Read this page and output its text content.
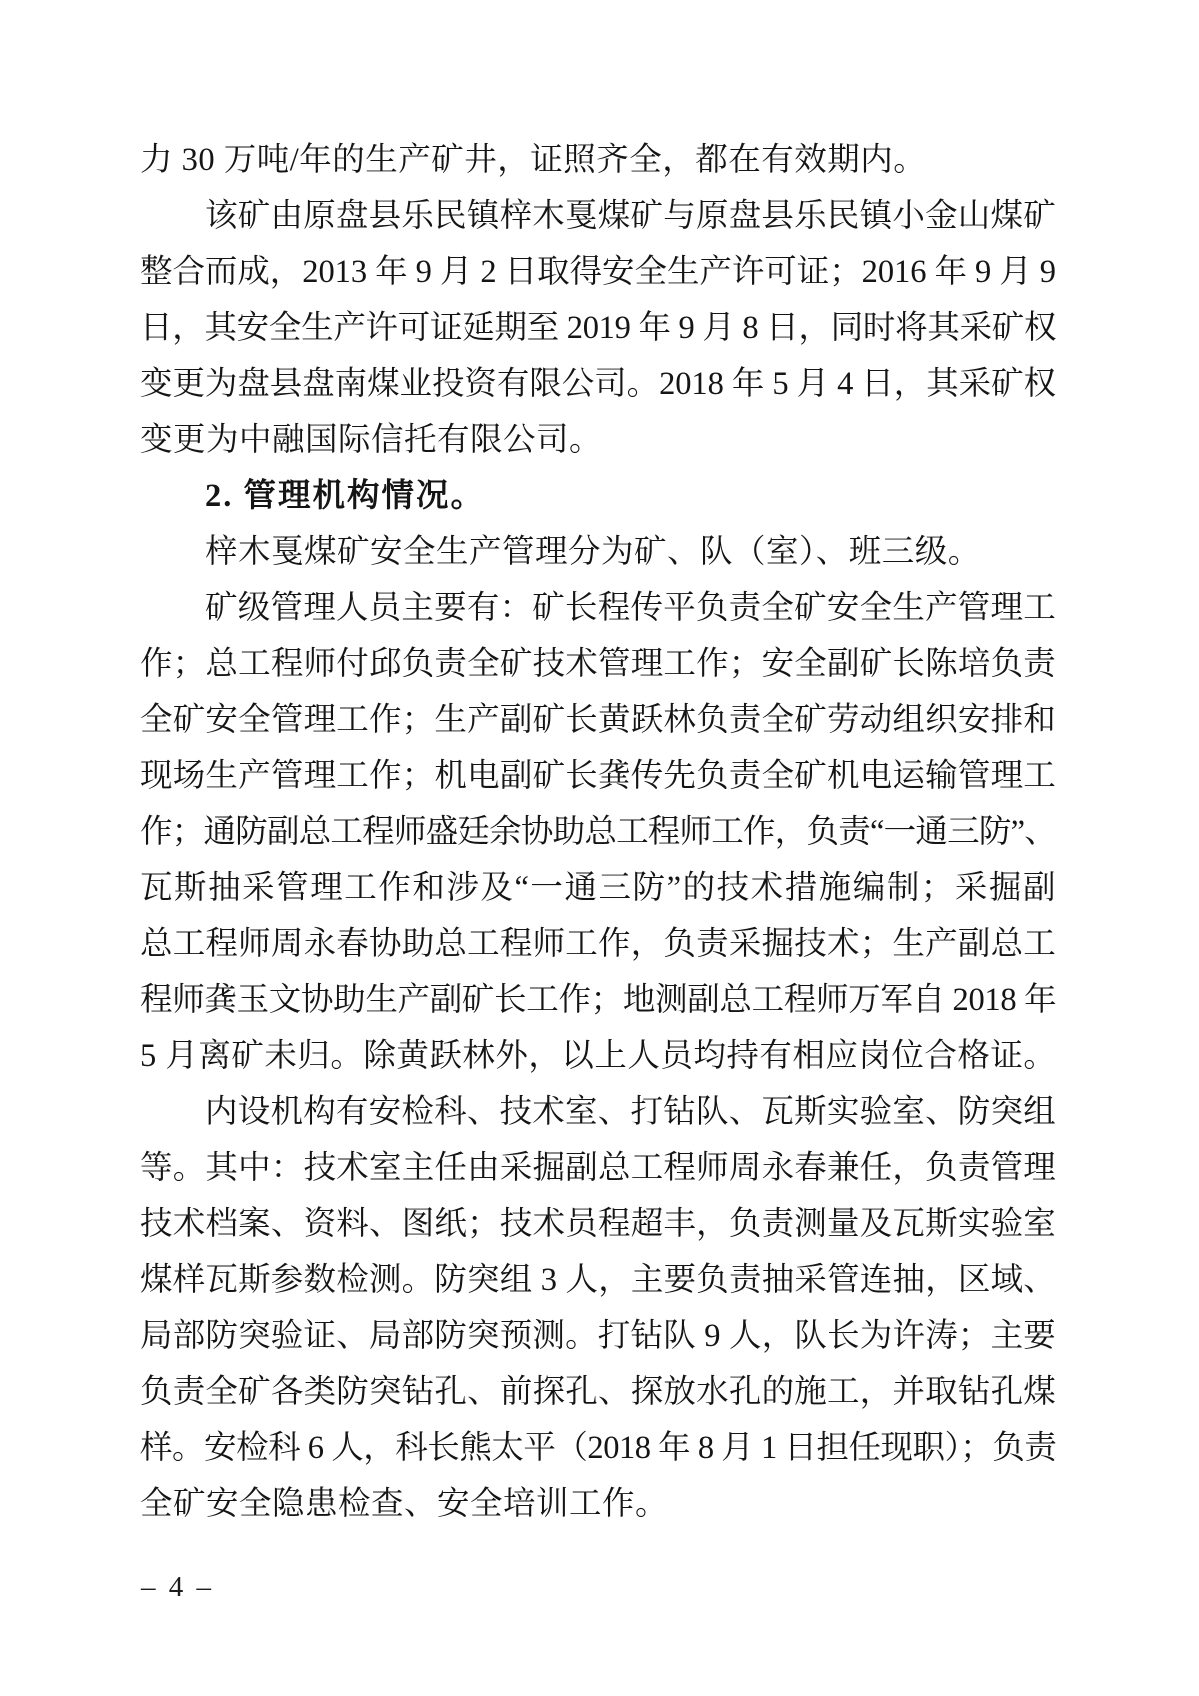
力 30 万吨/年的生产矿井，证照齐全，都在有效期内。
该矿由原盘县乐民镇梓木戛煤矿与原盘县乐民镇小金山煤矿
整合而成，2013 年 9 月 2 日取得安全生产许可证；2016 年 9 月 9
日，其安全生产许可证延期至 2019 年 9 月 8 日，同时将其采矿权
变更为盘县盘南煤业投资有限公司。2018 年 5 月 4 日，其采矿权
变更为中融国际信托有限公司。
2. 管理机构情况。
梓木戛煤矿安全生产管理分为矿、队（室）、班三级。
矿级管理人员主要有：矿长程传平负责全矿安全生产管理工
作；总工程师付邱负责全矿技术管理工作；安全副矿长陈培负责
全矿安全管理工作；生产副矿长黄跃林负责全矿劳动组织安排和
现场生产管理工作；机电副矿长龚传先负责全矿机电运输管理工
作；通防副总工程师盛廷余协助总工程师工作，负责“一通三防”、
瓦斯抽采管理工作和涉及“一通三防”的技术措施编制；采掘副
总工程师周永春协助总工程师工作，负责采掘技术；生产副总工
程师龚玉文协助生产副矿长工作；地测副总工程师万军自 2018 年
5 月离矿未归。除黄跃林外，以上人员均持有相应岗位合格证。
内设机构有安检科、技术室、打钻队、瓦斯实验室、防突组
等。其中：技术室主任由采掘副总工程师周永春兼任，负责管理
技术档案、资料、图纸；技术员程超丰，负责测量及瓦斯实验室
煤样瓦斯参数检测。防突组 3 人，主要负责抽采管连抽，区域、
局部防突验证、局部防突预测。打钻队 9 人，队长为许涛；主要
负责全矿各类防突钻孔、前探孔、探放水孔的施工，并取钻孔煤
样。安检科 6 人，科长熊太平（2018 年 8 月 1 日担任现职）；负责
全矿安全隐患检查、安全培训工作。
– 4 –
